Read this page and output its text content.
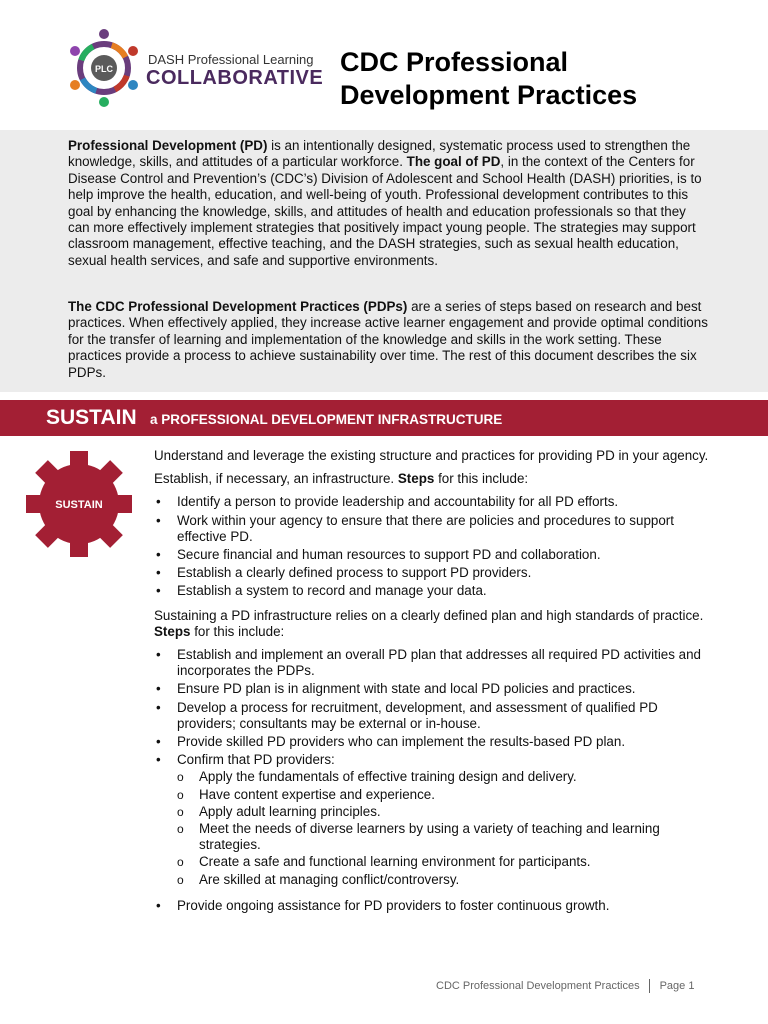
PLC
DASH Professional Learning
COLLABORATIVE
CDC Professional
Development Practices

Professional Development (PD) is an intentionally designed, systematic process used to strengthen the knowledge, skills, and attitudes of a particular workforce. The goal of PD, in the context of the Centers for Disease Control and Prevention’s (CDC’s) Division of Adolescent and School Health (DASH) priorities, is to help improve the health, education, and well-being of youth. Professional development contributes to this goal by enhancing the knowledge, skills, and attitudes of health and education professionals so that they can more effectively implement strategies that positively impact young people. The strategies may support classroom management, effective teaching, and the DASH strategies, such as sexual health education, sexual health services, and safe and supportive environments.

The CDC Professional Development Practices (PDPs) are a series of steps based on research and best practices. When effectively applied, they increase active learner engagement and provide optimal conditions for the transfer of learning and implementation of the knowledge and skills in the work setting. These practices provide a process to achieve sustainability over time. The rest of this document describes the six PDPs.

SUSTAIN a PROFESSIONAL DEVELOPMENT INFRASTRUCTURE
SUSTAIN

Understand and leverage the existing structure and practices for providing PD in your agency.

Establish, if necessary, an infrastructure. Steps for this include:

• Identify a person to provide leadership and accountability for all PD efforts.
• Work within your agency to ensure that there are policies and procedures to support effective PD.
• Secure financial and human resources to support PD and collaboration.
• Establish a clearly defined process to support PD providers.
• Establish a system to record and manage your data.

Sustaining a PD infrastructure relies on a clearly defined plan and high standards of practice. Steps for this include:

• Establish and implement an overall PD plan that addresses all required PD activities and incorporates the PDPs.
• Ensure PD plan is in alignment with state and local PD policies and practices.
• Develop a process for recruitment, development, and assessment of qualified PD providers; consultants may be external or in-house.
• Provide skilled PD providers who can implement the results-based PD plan.
• Confirm that PD providers:
o Apply the fundamentals of effective training design and delivery.
o Have content expertise and experience.
o Apply adult learning principles.
o Meet the needs of diverse learners by using a variety of teaching and learning strategies.
o Create a safe and functional learning environment for participants.
o Are skilled at managing conflict/controversy.
• Provide ongoing assistance for PD providers to foster continuous growth.
CDC Professional Development Practices Page 1
